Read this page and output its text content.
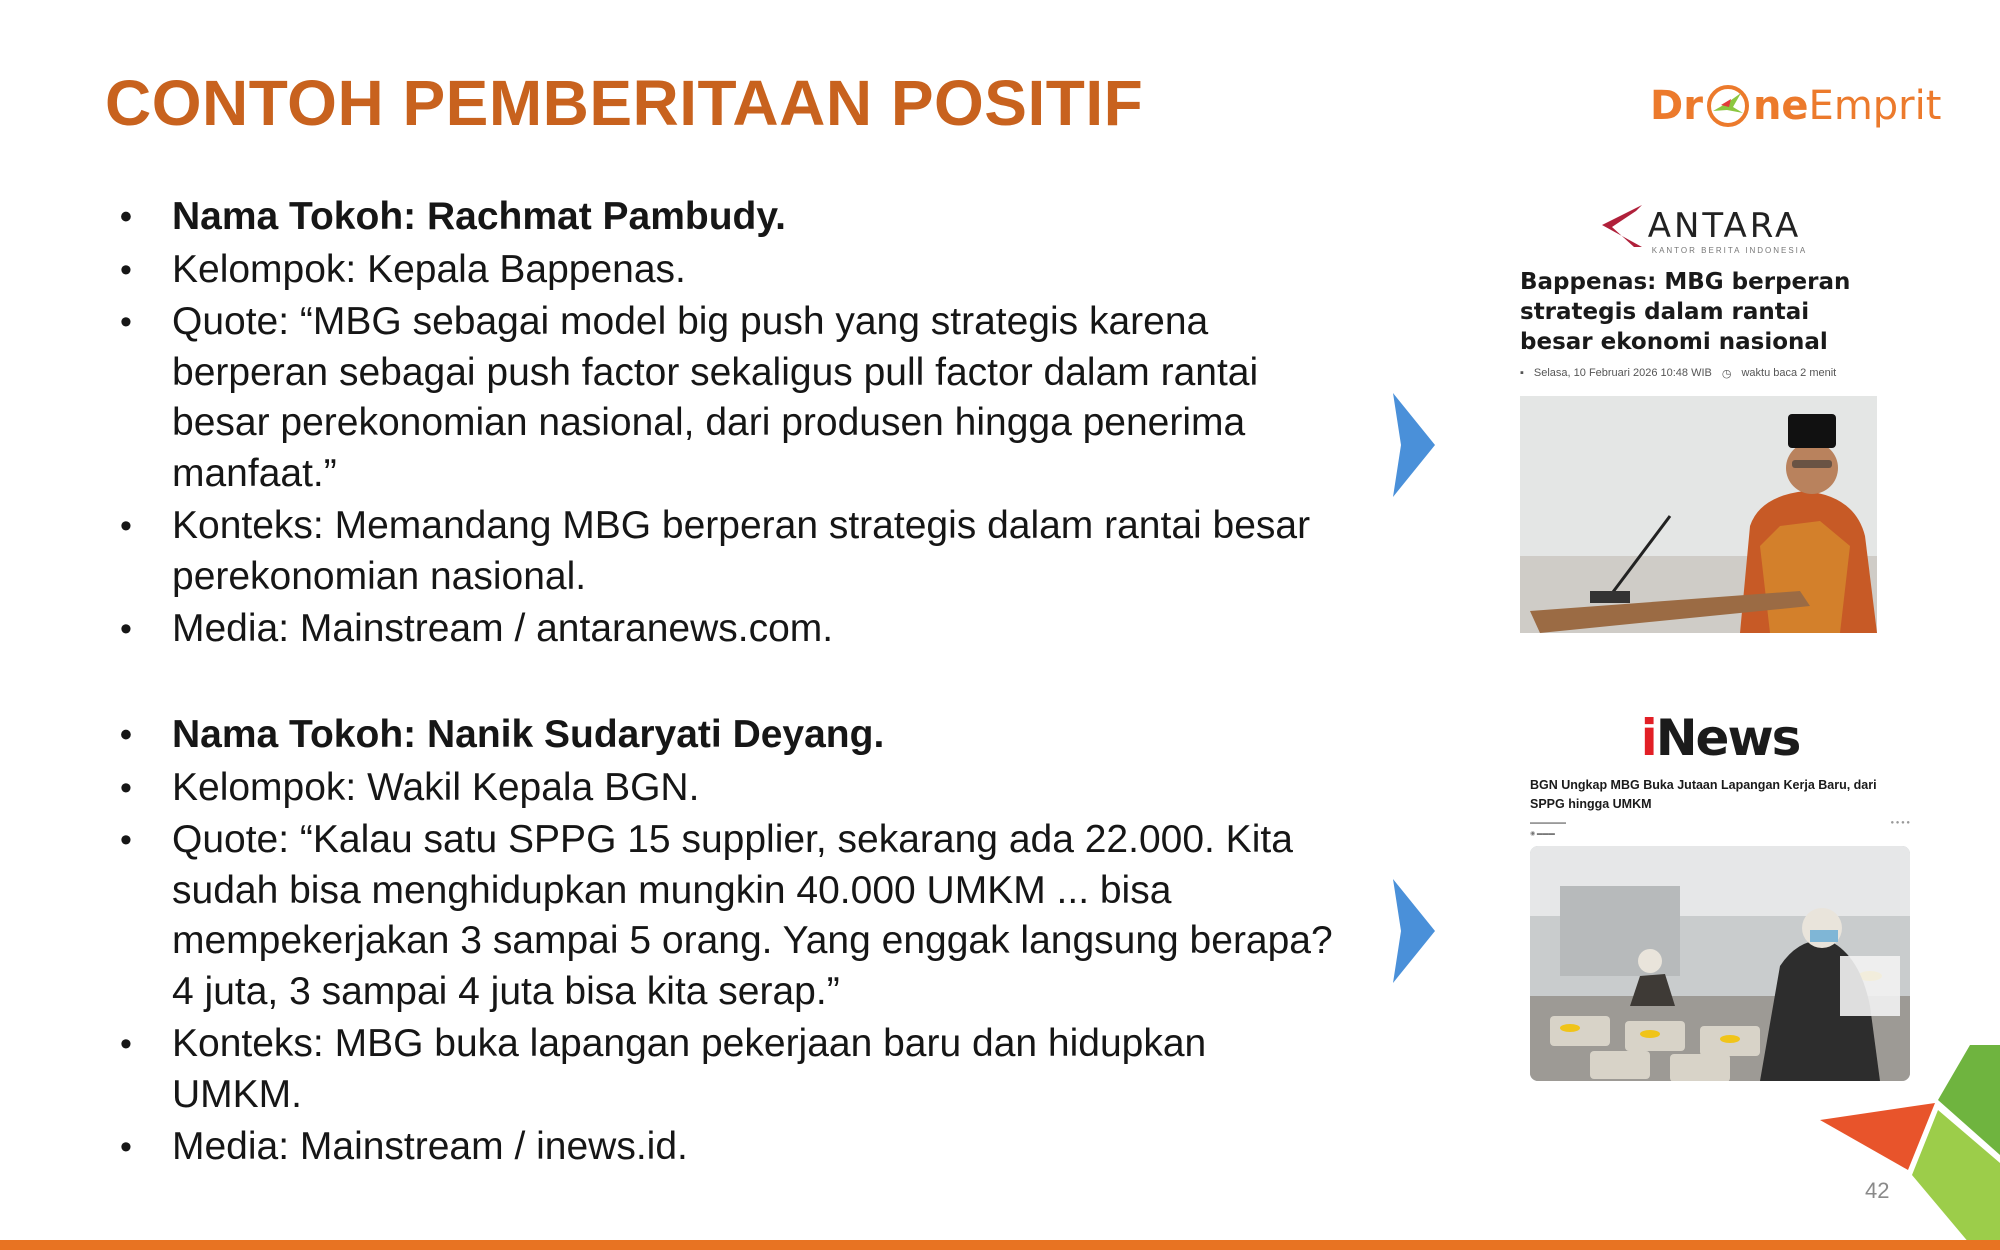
CONTOH PEMBERITAAN POSITIF	Dr ne Emprit
• Nama Tokoh: Rachmat Pambudy.
• Kelompok: Kepala Bappenas.
• Quote: “MBG sebagai model big push yang strategis karena berperan sebagai push factor sekaligus pull factor dalam rantai besar perekonomian nasional, dari produsen hingga penerima manfaat.”
• Konteks: Memandang MBG berperan strategis dalam rantai besar perekonomian nasional.
• Media: Mainstream / antaranews.com.
• Nama Tokoh: Nanik Sudaryati Deyang.
• Kelompok: Wakil Kepala BGN.
• Quote: “Kalau satu SPPG 15 supplier, sekarang ada 22.000. Kita sudah bisa menghidupkan mungkin 40.000 UMKM ... bisa mempekerjakan 3 sampai 5 orang. Yang enggak langsung berapa? 4 juta, 3 sampai 4 juta bisa kita serap.”
• Konteks: MBG buka lapangan pekerjaan baru dan hidupkan UMKM.
• Media: Mainstream / inews.id.
ANTARA
KANTOR BERITA INDONESIA
Bappenas: MBG berperan strategis dalam rantai besar ekonomi nasional
▪ Selasa, 10 Februari 2026 10:48 WIB ◷ waktu baca 2 menit
iNews
BGN Ungkap MBG Buka Jutaan Lapangan Kerja Baru, dari SPPG hingga UMKM
▬▬▬▬▬▬	● ● ● ●
◉ ▬▬▬
42
